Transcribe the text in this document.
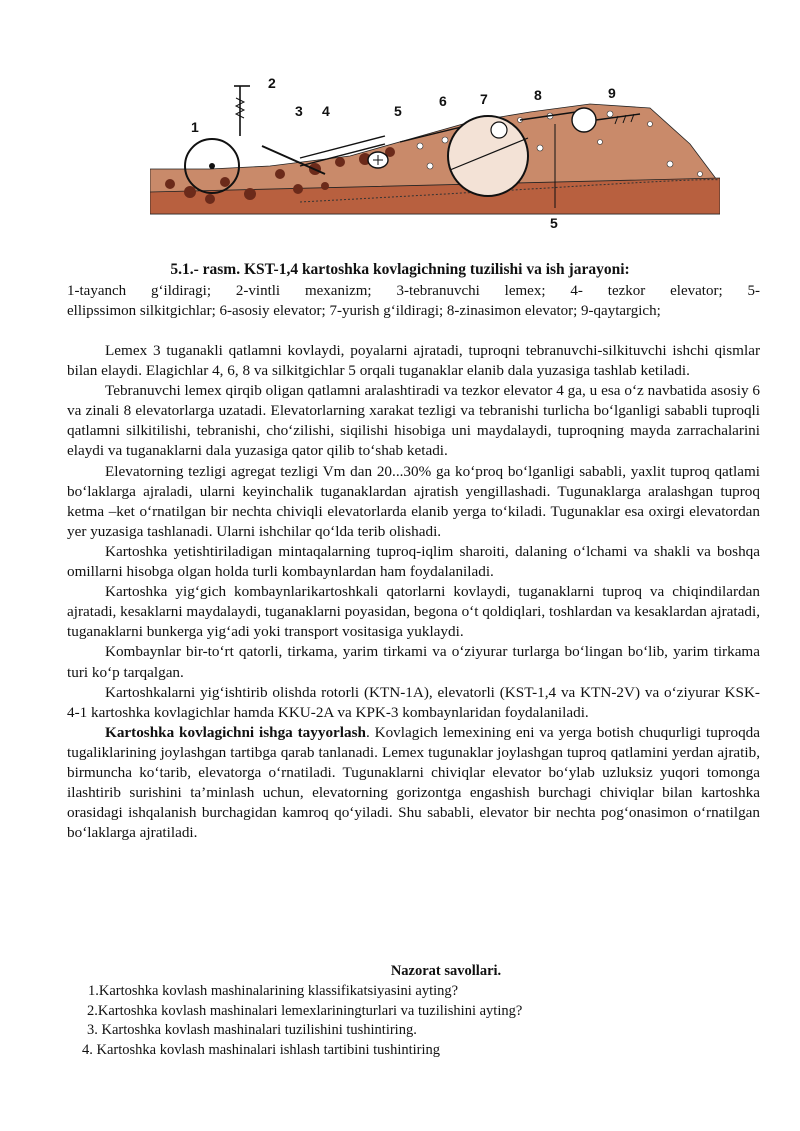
1
2
3 4	5
6 7	8	9
5
5.1.- rasm. KST-1,4 kartoshka kovlagichning tuzilishi va ish jarayoni:
1-tayanch g‘ildiragi; 2-vintli mexanizm; 3-tebranuvchi lemex; 4- tezkor elevator; 5-
ellipssimon silkitgichlar; 6-asosiy elevator; 7-yurish g‘ildiragi; 8-zinasimon elevator; 9-qaytargich;

Lemex 3 tuganakli qatlamni kovlaydi, poyalarni ajratadi, tuproqni tebranuvchi-silkituvchi ishchi qismlar bilan elaydi. Elagichlar 4, 6, 8 va silkitgichlar 5 orqali tuganaklar elanib dala yuzasiga tashlab ketiladi.

Tebranuvchi lemex qirqib oligan qatlamni aralashtiradi va tezkor elevator 4 ga, u esa o‘z navbatida asosiy 6 va zinali 8 elevatorlarga uzatadi. Elevatorlarning xarakat tezligi va tebranishi turlicha bo‘lganligi sababli tuproqli qatlamni silkitilishi, tebranishi, cho‘zilishi, siqilishi hisobiga uni maydalaydi, tuproqning mayda zarrachalarini elaydi va tuganaklarni dala yuzasiga qator qilib to‘shab ketadi.

Elevatorning tezligi agregat tezligi Vm dan 20...30% ga ko‘proq bo‘lganligi sababli, yaxlit tuproq qatlami bo‘laklarga ajraladi, ularni keyinchalik tuganaklardan ajratish yengillashadi. Tugunaklarga aralashgan tuproq ketma –ket o‘rnatilgan bir nechta chiviqli elevatorlarda elanib yerga to‘kiladi. Tugunaklar esa oxirgi elevatordan yer yuzasiga tashlanadi. Ularni ishchilar qo‘lda terib olishadi.

Kartoshka yetishtiriladigan mintaqalarning tuproq-iqlim sharoiti, dalaning o‘lchami va shakli va boshqa omillarni hisobga olgan holda turli kombaynlardan ham foydalaniladi.

Kartoshka yig‘gich kombaynlarikartoshkali qatorlarni kovlaydi, tuganaklarni tuproq va chiqindilardan ajratadi, kesaklarni maydalaydi, tuganaklarni poyasidan, begona o‘t qoldiqlari, toshlardan va kesaklardan ajratadi, tuganaklarni bunkerga yig‘adi yoki transport vositasiga yuklaydi.

Kombaynlar bir-to‘rt qatorli, tirkama, yarim tirkami va o‘ziyurar turlarga bo‘lingan bo‘lib, yarim tirkama turi ko‘p tarqalgan.

Kartoshkalarni yig‘ishtirib olishda rotorli (KTN-1A), elevatorli (KST-1,4 va KTN-2V) va o‘ziyurar KSK-4-1 kartoshka kovlagichlar hamda KKU-2A va KPK-3 kombaynlaridan foydalaniladi.

Kartoshka kovlagichni ishga tayyorlash. Kovlagich lemexining eni va yerga botish chuqurligi tuproqda tugaliklarining joylashgan tartibga qarab tanlanadi. Lemex tugunaklar joylashgan tuproq qatlamini yerdan ajratib, birmuncha ko‘tarib, elevatorga o‘rnatiladi. Tugunaklarni chiviqlar elevator bo‘ylab uzluksiz yuqori tomonga ilashtirib surishini ta’minlash uchun, elevatorning gorizontga engashish burchagi chiviqlar bilan kartoshka orasidagi ishqalanish burchagidan kamroq qo‘yiladi. Shu sababli, elevator bir nechta pog‘onasimon o‘rnatilgan bo‘laklarga ajratiladi.

Nazorat savollari.
1.Kartoshka kovlash mashinalarining klassifikatsiyasini ayting?
2.Kartoshka kovlash mashinalari lemexlariningturlari va tuzilishini ayting?
3. Kartoshka kovlash mashinalari tuzilishini tushintiring.
4. Kartoshka kovlash mashinalari ishlash tartibini tushintiring
